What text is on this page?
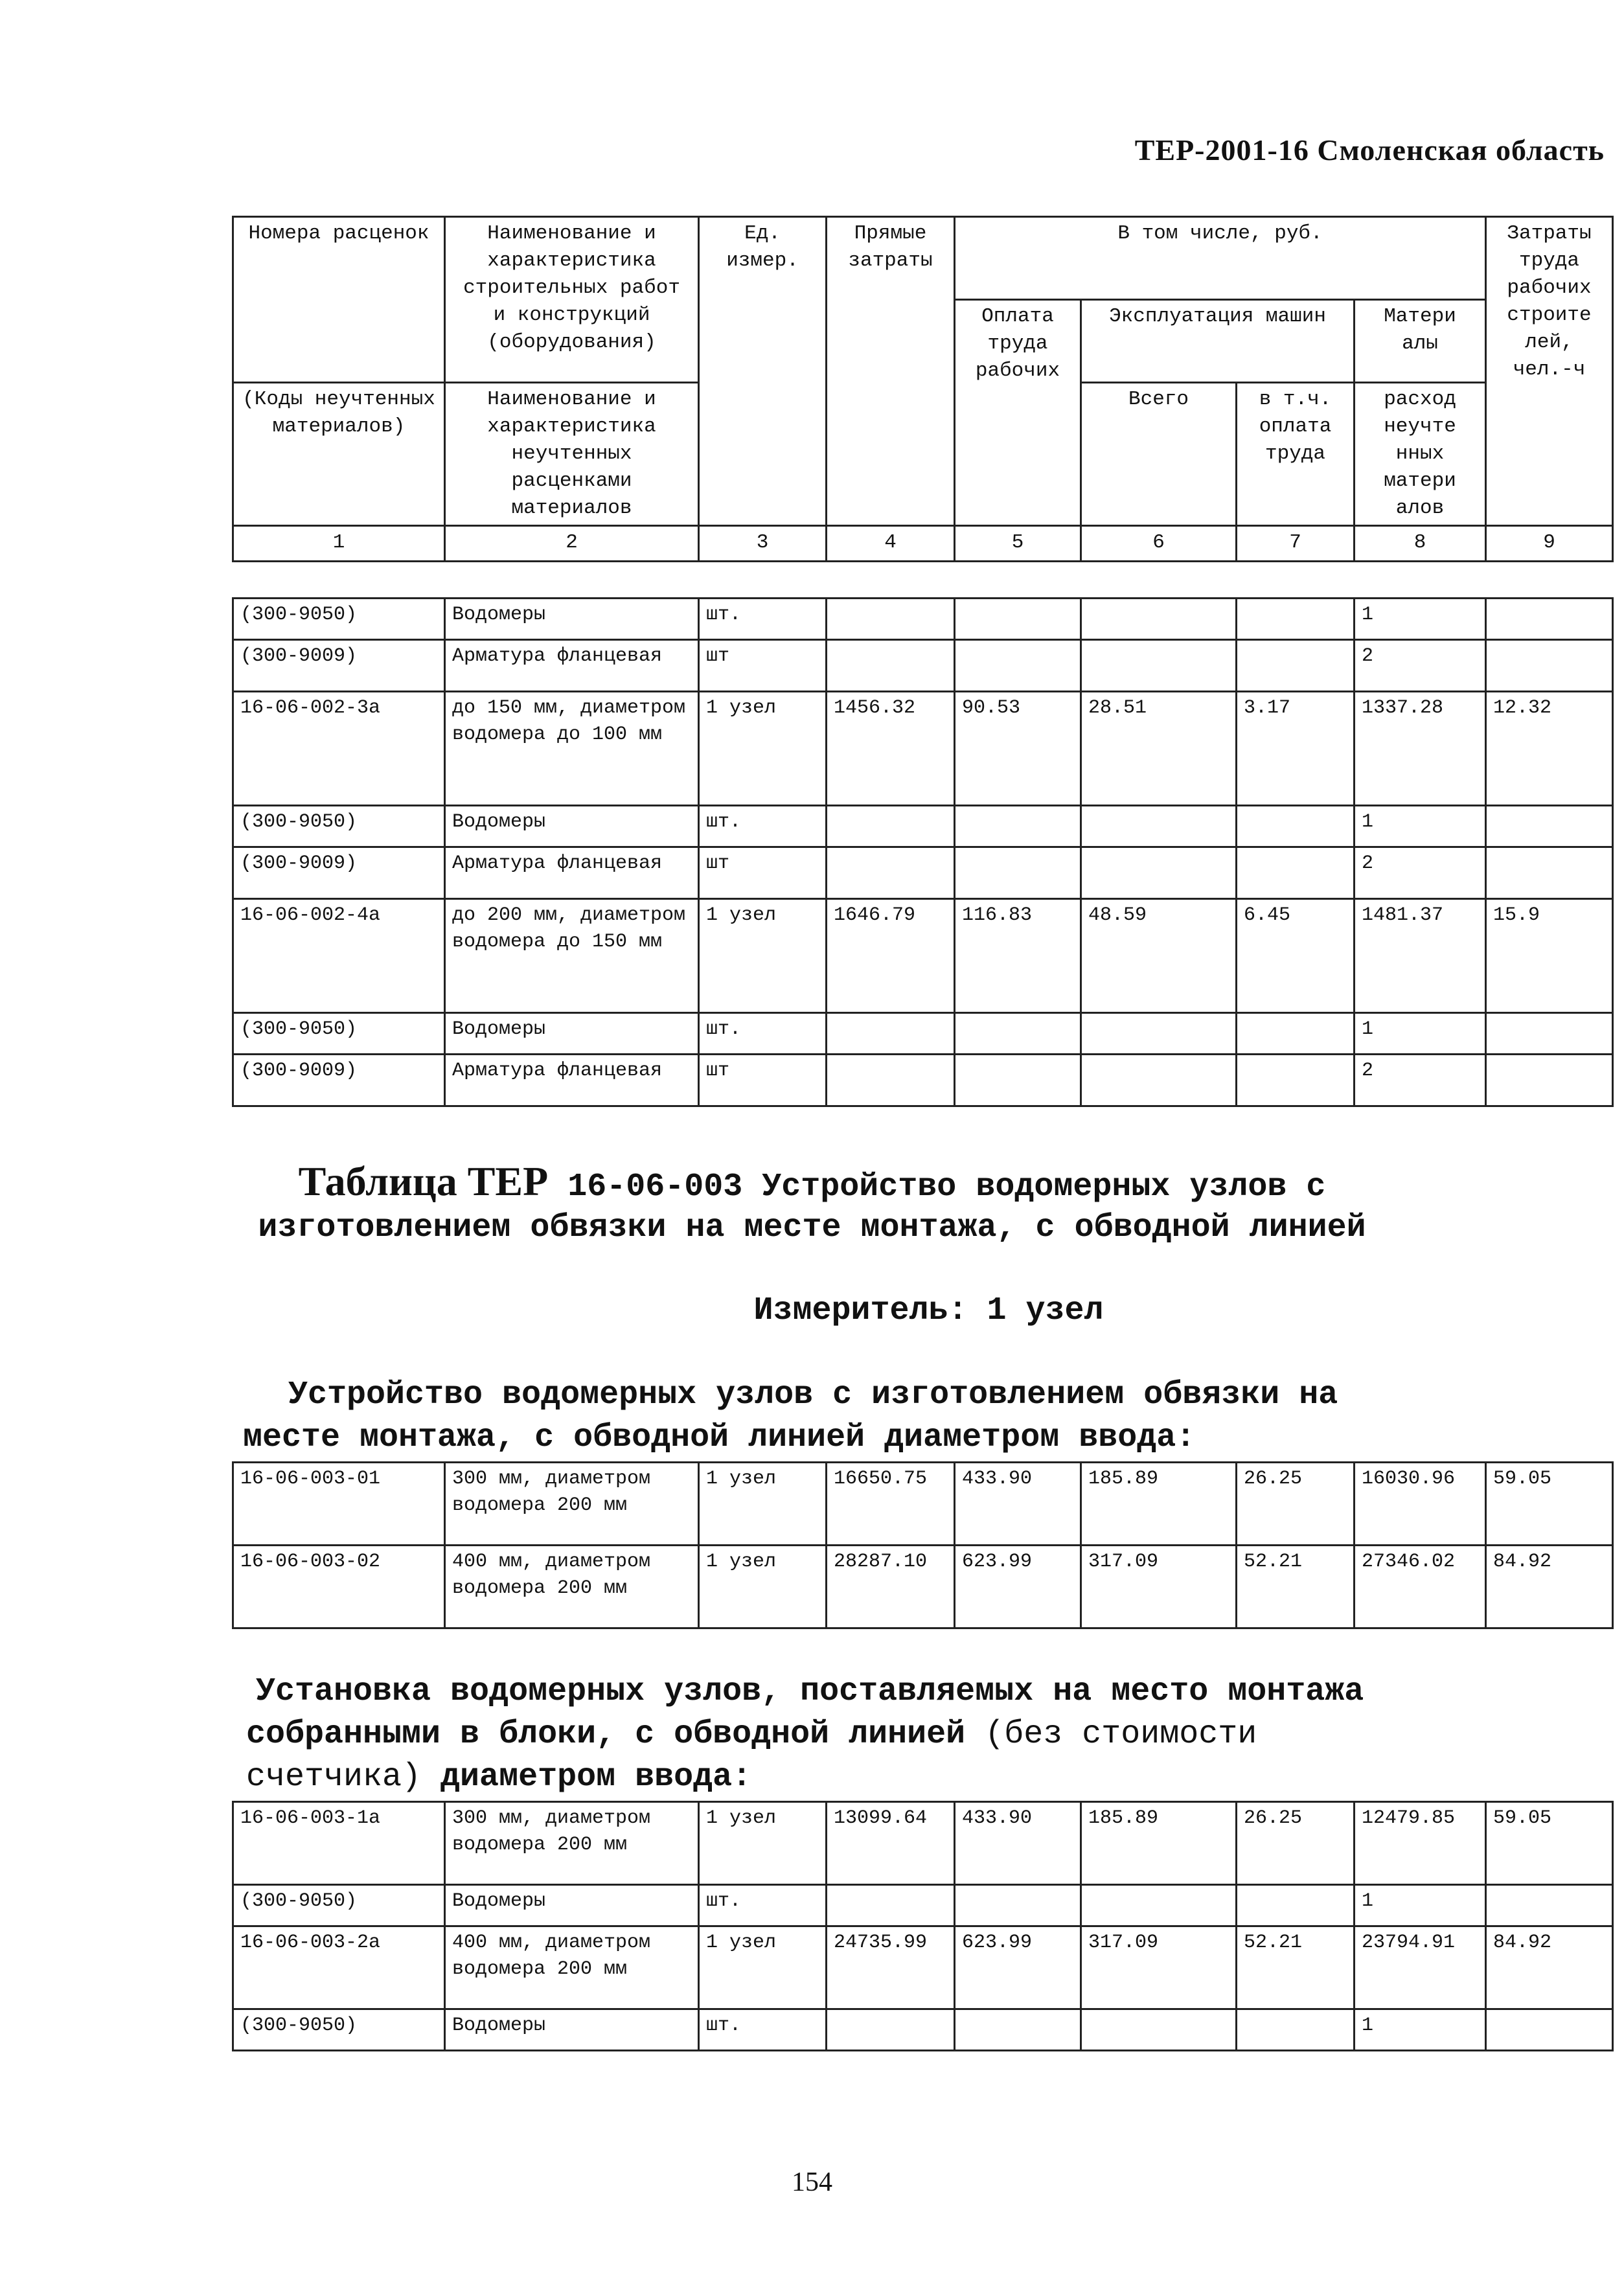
ТЕР-2001-16 Смоленская область
Номера расценок	Наименование и характеристика строительных работ и конструкций (оборудования)	Ед. измер.	Прямые затраты	В том числе, руб.				Затраты труда рабочих строите лей, чел.-ч
				Оплата труда рабочих	Эксплуатация машин		Матери алы	
(Коды неучтенных материалов)	Наименование и характеристика неучтенных расценками материалов				Всего	в т.ч. оплата труда	расход неучте нных матери алов	

1	2	3	4	5	6	7	8	9
(300-9050)	Водомеры	шт.					1	
(300-9009)	Арматура фланцевая	шт					2	
16-06-002-3а	до 150 мм, диаметром водомера до 100 мм	1 узел	1456.32	90.53	28.51	3.17	1337.28	12.32
(300-9050)	Водомеры	шт.					1	
(300-9009)	Арматура фланцевая	шт					2	
16-06-002-4а	до 200 мм, диаметром водомера до 150 мм	1 узел	1646.79	116.83	48.59	6.45	1481.37	15.9
(300-9050)	Водомеры	шт.					1	
(300-9009)	Арматура фланцевая	шт					2	
Таблица ТЕР 16-06-003 Устройство водомерных узлов с
изготовлением обвязки на месте монтажа, с обводной линией
Измеритель: 1 узел
Устройство водомерных узлов с изготовлением обвязки на
месте монтажа, с обводной линией диаметром ввода:
16-06-003-01	300 мм, диаметром водомера 200 мм	1 узел	16650.75	433.90	185.89	26.25	16030.96	59.05
16-06-003-02	400 мм, диаметром водомера 200 мм	1 узел	28287.10	623.99	317.09	52.21	27346.02	84.92
Установка водомерных узлов, поставляемых на место монтажа
собранными в блоки, с обводной линией (без стоимости
счетчика) диаметром ввода:
16-06-003-1а	300 мм, диаметром водомера 200 мм	1 узел	13099.64	433.90	185.89	26.25	12479.85	59.05
(300-9050)	Водомеры	шт.					1	
16-06-003-2а	400 мм, диаметром водомера 200 мм	1 узел	24735.99	623.99	317.09	52.21	23794.91	84.92
(300-9050)	Водомеры	шт.					1	
154
